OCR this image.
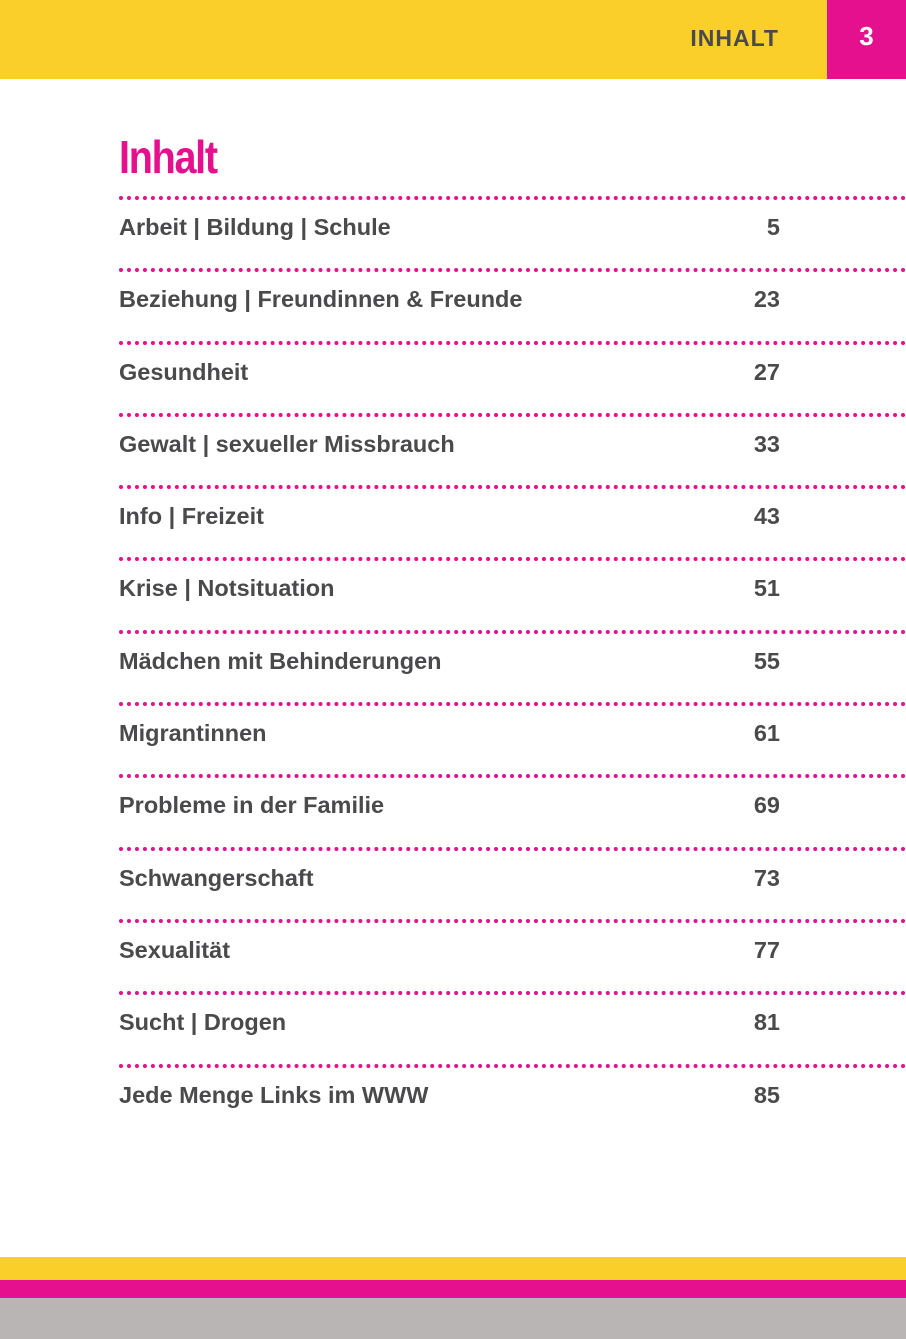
INHALT	3
Inhalt
Arbeit | Bildung | Schule	5
Beziehung | Freundinnen & Freunde	23
Gesundheit	27
Gewalt | sexueller Missbrauch	33
Info | Freizeit	43
Krise | Notsituation	51
Mädchen mit Behinderungen	55
Migrantinnen	61
Probleme in der Familie	69
Schwangerschaft	73
Sexualität	77
Sucht | Drogen	81
Jede Menge Links im WWW	85
